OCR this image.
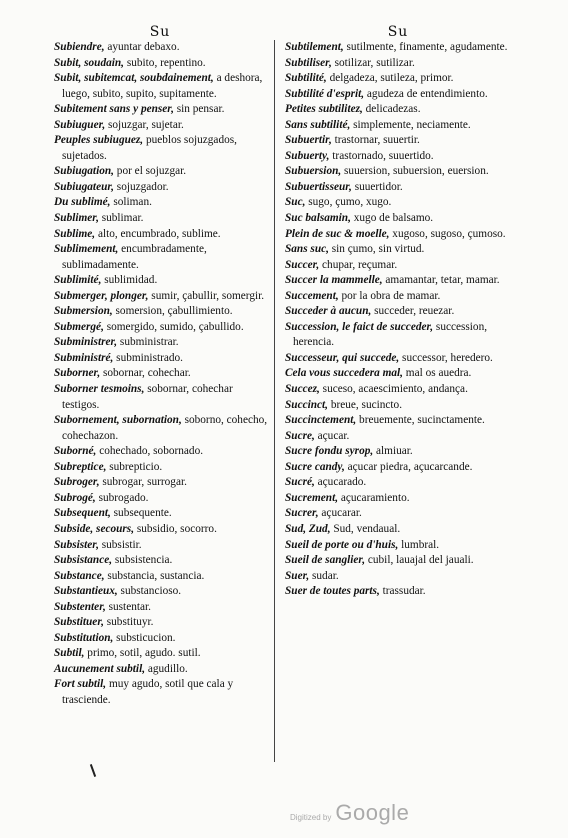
Su	Su

Subiendre, ayuntar debaxo.

Subit, soudain, subito, repentino.

Subit, subitemcat, soubdainement, a deshora, luego, subito, supito, supitamente.

Subitement sans y penser, sin pensar.

Subiuguer, sojuzgar, sujetar.

Peuples subiuguez, pueblos sojuzgados, sujetados.

Subiugation, por el sojuzgar.

Subiugateur, sojuzgador.

Du sublimé, soliman.

Sublimer, sublimar.

Sublime, alto, encumbrado, sublime.

Sublimement, encumbradamente, sublimadamente.

Sublimité, sublimidad.

Submerger, plonger, sumir, çabullir, somergir.

Submersion, somersion, çabullimiento.

Submergé, somergido, sumido, çabullido.

Subministrer, subministrar.

Subministré, subministrado.

Suborner, sobornar, cohechar.

Suborner tesmoins, sobornar, cohechar testigos.

Subornement, subornation, soborno, cohecho, cohechazon.

Suborné, cohechado, sobornado.

Subreptice, subrepticio.

Subroger, subrogar, surrogar.

Subrogé, subrogado.

Subsequent, subsequente.

Subside, secours, subsidio, socorro.

Subsister, subsistir.

Subsistance, subsistencia.

Substance, substancia, sustancia.

Substantieux, substancioso.

Substenter, sustentar.

Substituer, substituyr.

Substitution, substicucion.

Subtil, primo, sotil, agudo. sutil.

Aucunement subtil, agudillo.

Fort subtil, muy agudo, sotil que cala y trasciende.

Subtilement, sutilmente, finamente, agudamente.

Subtiliser, sotilizar, sutilizar.

Subtilité, delgadeza, sutileza, primor.

Subtilité d'esprit, agudeza de entendimiento.

Petites subtilitez, delicadezas.

Sans subtilité, simplemente, neciamente.

Subuertir, trastornar, suuertir.

Subuerty, trastornado, suuertido.

Subuersion, suuersion, subuersion, euersion.

Subuertisseur, suuertidor.

Suc, sugo, çumo, xugo.

Suc balsamin, xugo de balsamo.

Plein de suc & moelle, xugoso, sugoso, çumoso.

Sans suc, sin çumo, sin virtud.

Succer, chupar, reçumar.

Succer la mammelle, amamantar, tetar, mamar.

Succement, por la obra de mamar.

Succeder à aucun, succeder, reuezar.

Succession, le faict de succeder, succession, herencia.

Successeur, qui succede, successor, heredero.

Cela vous succedera mal, mal os auedra.

Succez, suceso, acaescimiento, andança.

Succinct, breue, sucincto.

Succinctement, breuemente, sucinctamente.

Sucre, açucar.

Sucre fondu syrop, almiuar.

Sucre candy, açucar piedra, açucarcande.

Sucré, açucarado.

Sucrement, açucaramiento.

Sucrer, açucarar.

Sud, Zud, Sud, vendaual.

Sueil de porte ou d'huis, lumbral.

Sueil de sanglier, cubil, lauajal del jauali.

Suer, sudar.

Suer de toutes parts, trassudar.

Digitized by Google
